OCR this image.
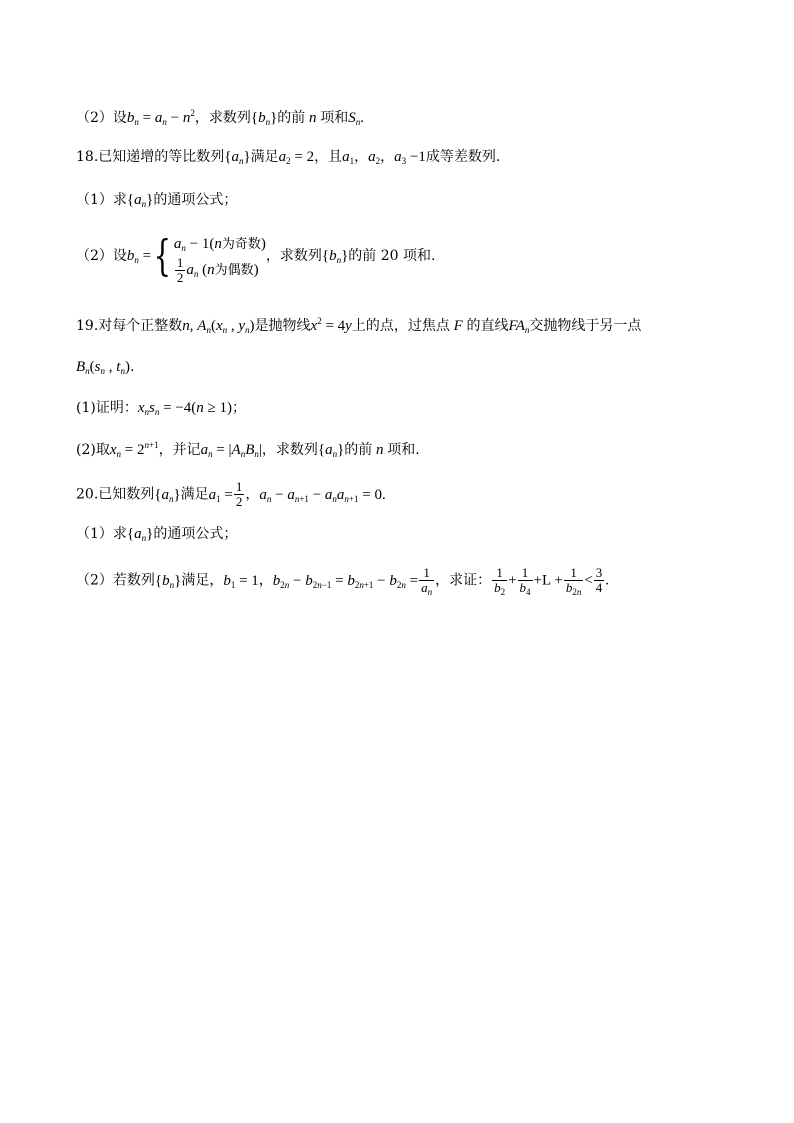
（2）设$b_n = a_n - n^2$，求数列$\{b_n\}$的前 n 项和$S_n$.
18.已知递增的等比数列$\{a_n\}$满足$a_2 = 2$，且$a_1$，$a_2$，$a_3 -1$成等差数列.
（1）求$\{a_n\}$的通项公式；
（2）设$b_n$ ={ $a_n - 1(n$为奇数)
$\frac{1}{2} a_n$ (n为偶数)
，求数列$\{b_n\}$的前 20 项和.
19.对每个正整数n, $A_n(x_n$ , $y_n$)是抛物线$x^2 = 4y$上的点，过焦点 F 的直线$FA_n$交抛物线于另一点
$B_n(s_n$ , $t_n$).
(1)证明：$x_ns_n = -4(n \ge 1)$；
(2)取$x_n = 2^{n+1}$，并记$a_n = |A_nB_n|$，求数列$\{a_n\}$的前 n 项和.
20.已知数列$\{a_n\}$满足$a_1 = \frac{1}{2}$ ，$a_n - a_{n+1} - a_na_{n+1} = 0$.
（1）求$\{a_n\}$的通项公式；
（2）若数列$\{b_n\}$满足，$b_1 = 1$，$b_{2n} - b_{2n-1} = b_{2n+1} - b_{2n} = \frac{1}{a_n}$ ，求证： $\frac{1}{b_2} + \frac{1}{b_4} +L + \frac{1}{b_{2n}} < \frac{3}{4}$ .
